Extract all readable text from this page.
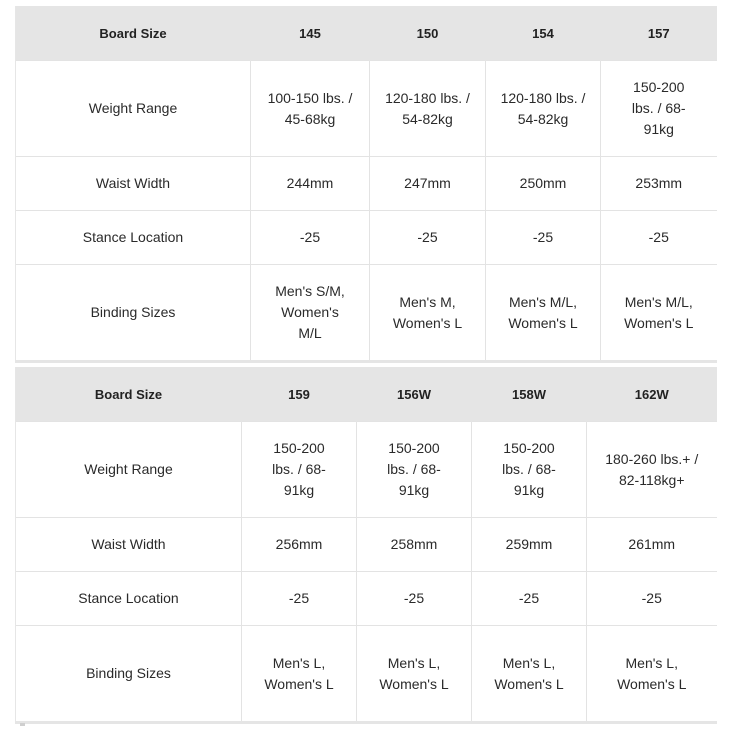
Board Size	145	150	154	157
Weight Range	100-150 lbs. / 45-68kg	120-180 lbs. / 54-82kg	120-180 lbs. / 54-82kg	150-200 lbs. / 68-91kg
Waist Width	244mm	247mm	250mm	253mm
Stance Location	-25	-25	-25	-25
Binding Sizes	Men's S/M, Women's M/L	Men's M, Women's L	Men's M/L, Women's L	Men's M/L, Women's L
Board Size	159	156W	158W	162W
Weight Range	150-200 lbs. / 68-91kg	150-200 lbs. / 68-91kg	150-200 lbs. / 68-91kg	180-260 lbs.+ / 82-118kg+
Waist Width	256mm	258mm	259mm	261mm
Stance Location	-25	-25	-25	-25
Binding Sizes	Men's L, Women's L	Men's L, Women's L	Men's L, Women's L	Men's L, Women's L
